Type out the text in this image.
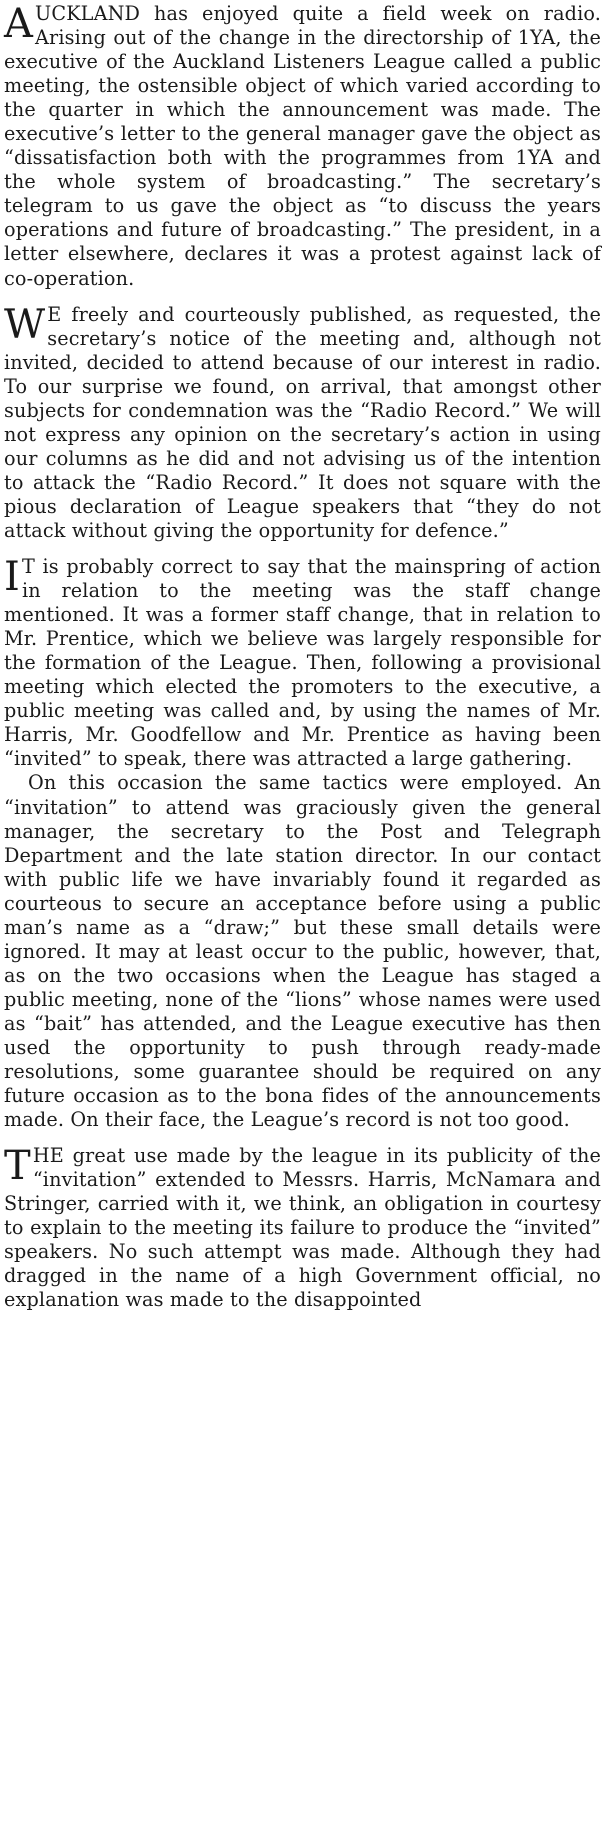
AUCKLAND has enjoyed quite a field week on radio. Arising out of the change in the directorship of 1YA, the executive of the Auckland Listeners League called a public meeting, the ostensible object of which varied according to the quarter in which the announcement was made. The executive’s letter to the general manager gave the object as “dissatisfaction both with the programmes from 1YA and the whole system of broadcasting.” The secretary’s telegram to us gave the object as “to discuss the years operations and future of broadcasting.” The president, in a letter elsewhere, declares it was a protest against lack of co-operation.

W E freely and courteously published, as requested, the secretary’s notice of the meeting and, although not invited, decided to attend because of our interest in radio. To our surprise we found, on arrival, that amongst other subjects for condemnation was the “Radio Record.” We will not express any opinion on the secretary’s action in using our columns as he did and not advising us of the intention to attack the “Radio Record.” It does not square with the pious declaration of League speakers that “they do not attack without giving the opportunity for defence.”

I T is probably correct to say that the mainspring of action in relation to the meeting was the staff change mentioned. It was a former staff change, that in relation to Mr. Prentice, which we believe was largely responsible for the formation of the League. Then, following a provisional meeting which elected the promoters to the executive, a public meeting was called and, by using the names of Mr. Harris, Mr. Goodfellow and Mr. Prentice as having been “invited” to speak, there was attracted a large gathering.

On this occasion the same tactics were employed. An “invitation” to attend was graciously given the general manager, the secretary to the Post and Telegraph Department and the late station director. In our contact with public life we have invariably found it regarded as courteous to secure an acceptance before using a public man’s name as a “draw;” but these small details were ignored. It may at least occur to the public, however, that, as on the two occasions when the League has staged a public meeting, none of the “lions” whose names were used as “bait” has attended, and the League executive has then used the opportunity to push through ready-made resolutions, some guarantee should be required on any future occasion as to the bona fides of the announcements made. On their face, the League’s record is not too good.

THE great use made by the league in its publicity of the “invitation” extended to Messrs. Harris, McNamara and Stringer, carried with it, we think, an obligation in courtesy to explain to the meeting its failure to produce the “invited” speakers. No such attempt was made. Although they had dragged in the name of a high Government official, no explanation was made to the disappointed
